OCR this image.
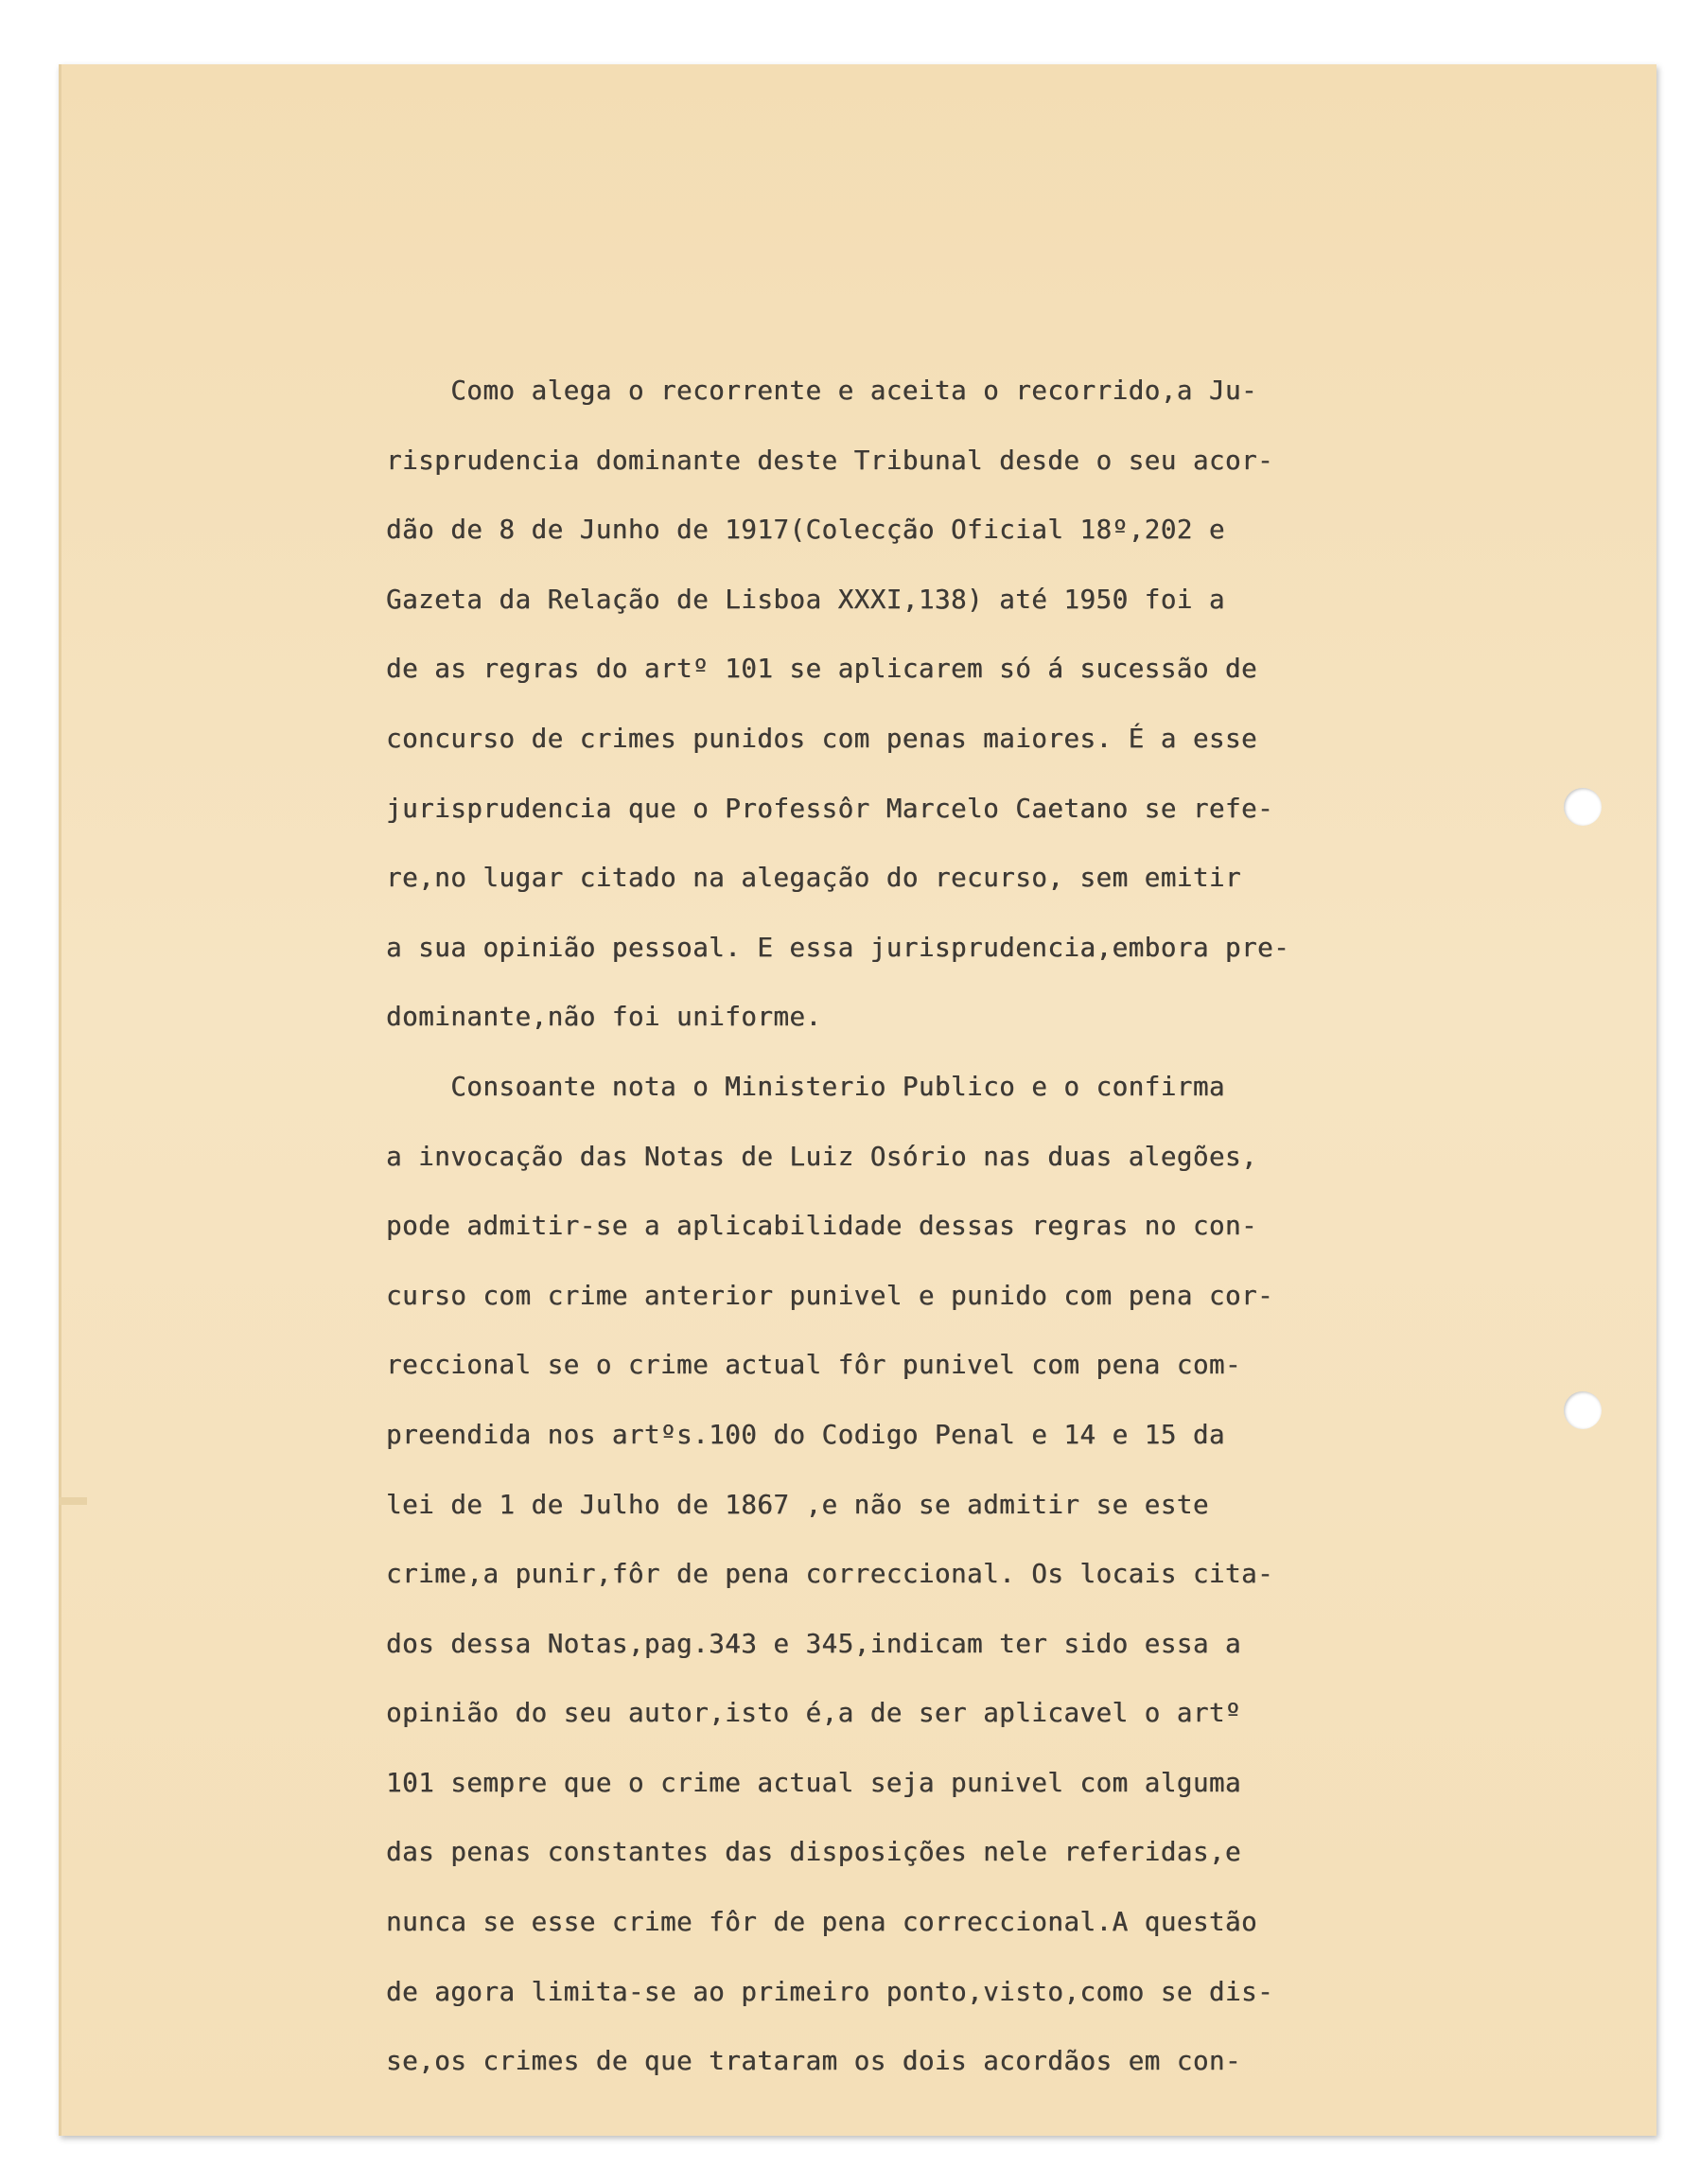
Como alega o recorrente e aceita o recorrido,a Ju-
risprudencia dominante deste Tribunal desde o seu acor-
dão de 8 de Junho de 1917(Colecção Oficial 18º,202 e
Gazeta da Relação de Lisboa XXXI,138) até 1950 foi a
de as regras do artº 101 se aplicarem só á sucessão de
concurso de crimes punidos com penas maiores. É a esse
jurisprudencia que o Professôr Marcelo Caetano se refe-
re,no lugar citado na alegação do recurso, sem emitir
a sua opinião pessoal. E essa jurisprudencia,embora pre-
dominante,não foi uniforme.
Consoante nota o Ministerio Publico e o confirma
a invocação das Notas de Luiz Osório nas duas alegões,
pode admitir-se a aplicabilidade dessas regras no con-
curso com crime anterior punivel e punido com pena cor-
reccional se o crime actual fôr punivel com pena com-
preendida nos artºs.100 do Codigo Penal e 14 e 15 da
lei de 1 de Julho de 1867 ,e não se admitir se este
crime,a punir,fôr de pena correccional. Os locais cita-
dos dessa Notas,pag.343 e 345,indicam ter sido essa a
opinião do seu autor,isto é,a de ser aplicavel o artº
101 sempre que o crime actual seja punivel com alguma
das penas constantes das disposições nele referidas,e
nunca se esse crime fôr de pena correccional.A questão
de agora limita-se ao primeiro ponto,visto,como se dis-
se,os crimes de que trataram os dois acordãos em con-
